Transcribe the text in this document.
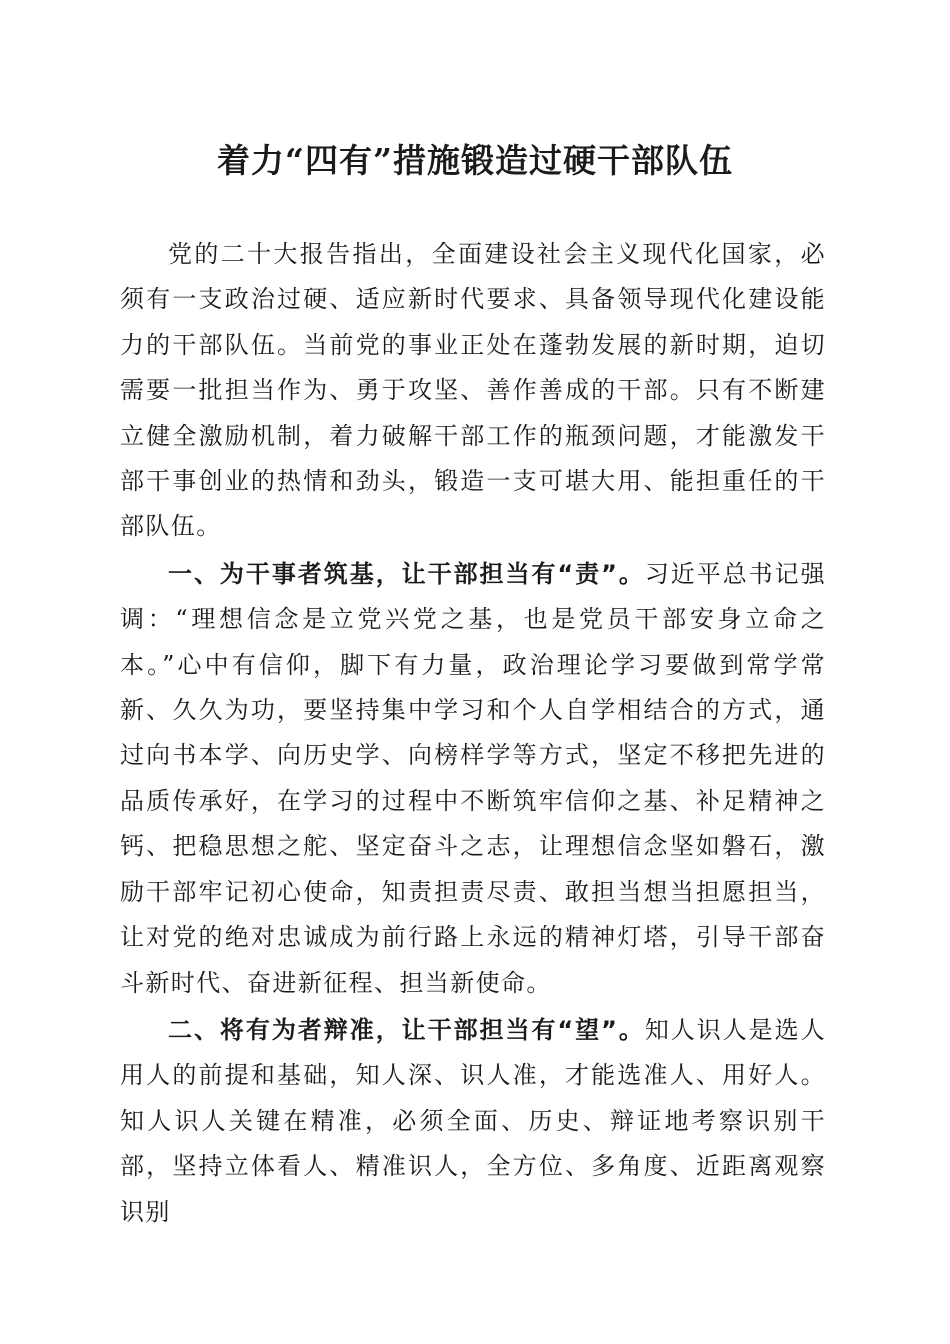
着力“四有”措施锻造过硬干部队伍

党的二十大报告指出，全面建设社会主义现代化国家，必须有一支政治过硬、适应新时代要求、具备领导现代化建设能力的干部队伍。当前党的事业正处在蓬勃发展的新时期，迫切需要一批担当作为、勇于攻坚、善作善成的干部。只有不断建立健全激励机制，着力破解干部工作的瓶颈问题，才能激发干部干事创业的热情和劲头，锻造一支可堪大用、能担重任的干部队伍。

一、为干事者筑基，让干部担当有“责”。习近平总书记强调：“理想信念是立党兴党之基，也是党员干部安身立命之本。”心中有信仰，脚下有力量，政治理论学习要做到常学常新、久久为功，要坚持集中学习和个人自学相结合的方式，通过向书本学、向历史学、向榜样学等方式，坚定不移把先进的品质传承好，在学习的过程中不断筑牢信仰之基、补足精神之钙、把稳思想之舵、坚定奋斗之志，让理想信念坚如磐石，激励干部牢记初心使命，知责担责尽责、敢担当想当担愿担当，让对党的绝对忠诚成为前行路上永远的精神灯塔，引导干部奋斗新时代、奋进新征程、担当新使命。

二、将有为者辩准，让干部担当有“望”。知人识人是选人用人的前提和基础，知人深、识人准，才能选准人、用好人。知人识人关键在精准，必须全面、历史、辩证地考察识别干部，坚持立体看人、精准识人，全方位、多角度、近距离观察识别
